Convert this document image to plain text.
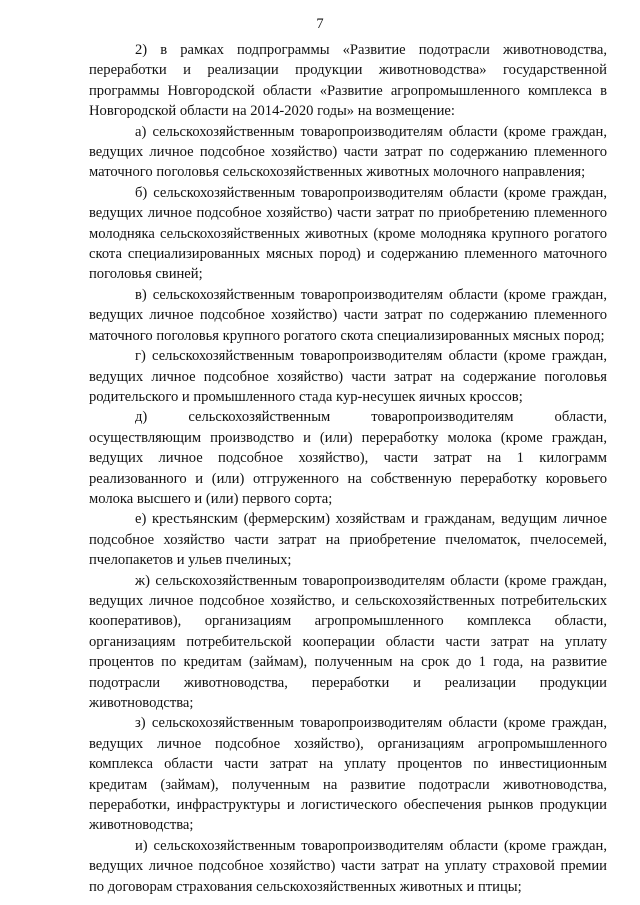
7

2) в рамках подпрограммы «Развитие подотрасли животноводства, переработки и реализации продукции животноводства» государственной программы Новгородской области «Развитие агропромышленного комплекса в Новгородской области на 2014-2020 годы» на возмещение:

а) сельскохозяйственным товаропроизводителям области (кроме граждан, ведущих личное подсобное хозяйство) части затрат по содержанию племенного маточного поголовья сельскохозяйственных животных молочного направления;

б) сельскохозяйственным товаропроизводителям области (кроме граждан, ведущих личное подсобное хозяйство) части затрат по приобретению племенного молодняка сельскохозяйственных животных (кроме молодняка крупного рогатого скота специализированных мясных пород) и содержанию племенного маточного поголовья свиней;

в) сельскохозяйственным товаропроизводителям области (кроме граждан, ведущих личное подсобное хозяйство) части затрат по содержанию племенного маточного поголовья крупного рогатого скота специализированных мясных пород;

г) сельскохозяйственным товаропроизводителям области (кроме граждан, ведущих личное подсобное хозяйство) части затрат на содержание поголовья родительского и промышленного стада кур-несушек яичных кроссов;

д) сельскохозяйственным товаропроизводителям области, осуществляющим производство и (или) переработку молока (кроме граждан, ведущих личное подсобное хозяйство), части затрат на 1 килограмм реализованного и (или) отгруженного на собственную переработку коровьего молока высшего и (или) первого сорта;

е) крестьянским (фермерским) хозяйствам и гражданам, ведущим личное подсобное хозяйство части затрат на приобретение пчеломаток, пчелосемей, пчелопакетов и ульев пчелиных;

ж) сельскохозяйственным товаропроизводителям области (кроме граждан, ведущих личное подсобное хозяйство, и сельскохозяйственных потребительских кооперативов), организациям агропромышленного комплекса области, организациям потребительской кооперации области части затрат на уплату процентов по кредитам (займам), полученным на срок до 1 года, на развитие подотрасли животноводства, переработки и реализации продукции животноводства;

з) сельскохозяйственным товаропроизводителям области (кроме граждан, ведущих личное подсобное хозяйство), организациям агропромышленного комплекса области части затрат на уплату процентов по инвестиционным кредитам (займам), полученным на развитие подотрасли животноводства, переработки, инфраструктуры и логистического обеспечения рынков продукции животноводства;

и) сельскохозяйственным товаропроизводителям области (кроме граждан, ведущих личное подсобное хозяйство) части затрат на уплату страховой премии по договорам страхования сельскохозяйственных животных и птицы;
